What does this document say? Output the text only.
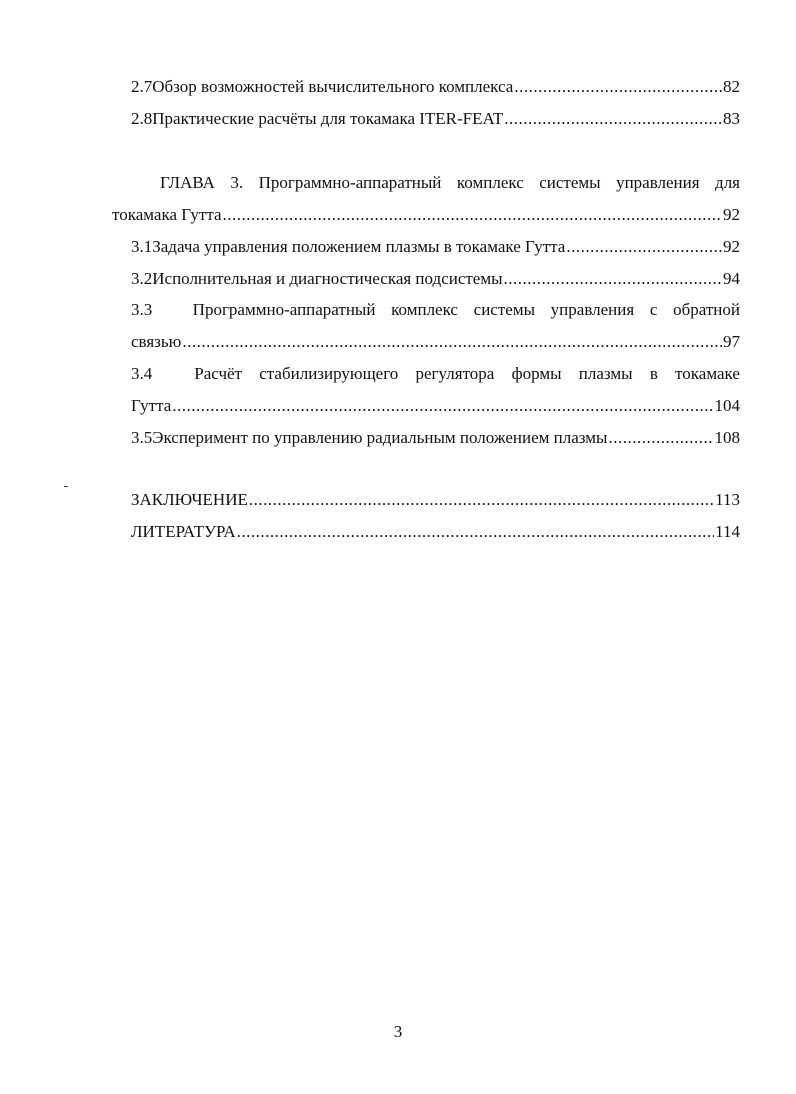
2.7 Обзор возможностей вычислительного комплекса .....	82
2.8 Практические расчёты для токамака ITER-FEAT .....	83
ГЛАВА 3. Программно-аппаратный комплекс системы управления для
токамака Гутта .....	92
3.1 Задача управления положением плазмы в токамаке Гутта .....	92
3.2 Исполнительная и диагностическая подсистемы .....	94
3.3	Программно-аппаратный комплекс системы управления с обратной
связью .....	97
3.4	Расчёт стабилизирующего регулятора формы плазмы в токамаке
Гутта .....	104
3.5 Эксперимент по управлению радиальным положением плазмы .....	108
ЗАКЛЮЧЕНИЕ .....	113
ЛИТЕРАТУРА .....	114
3
